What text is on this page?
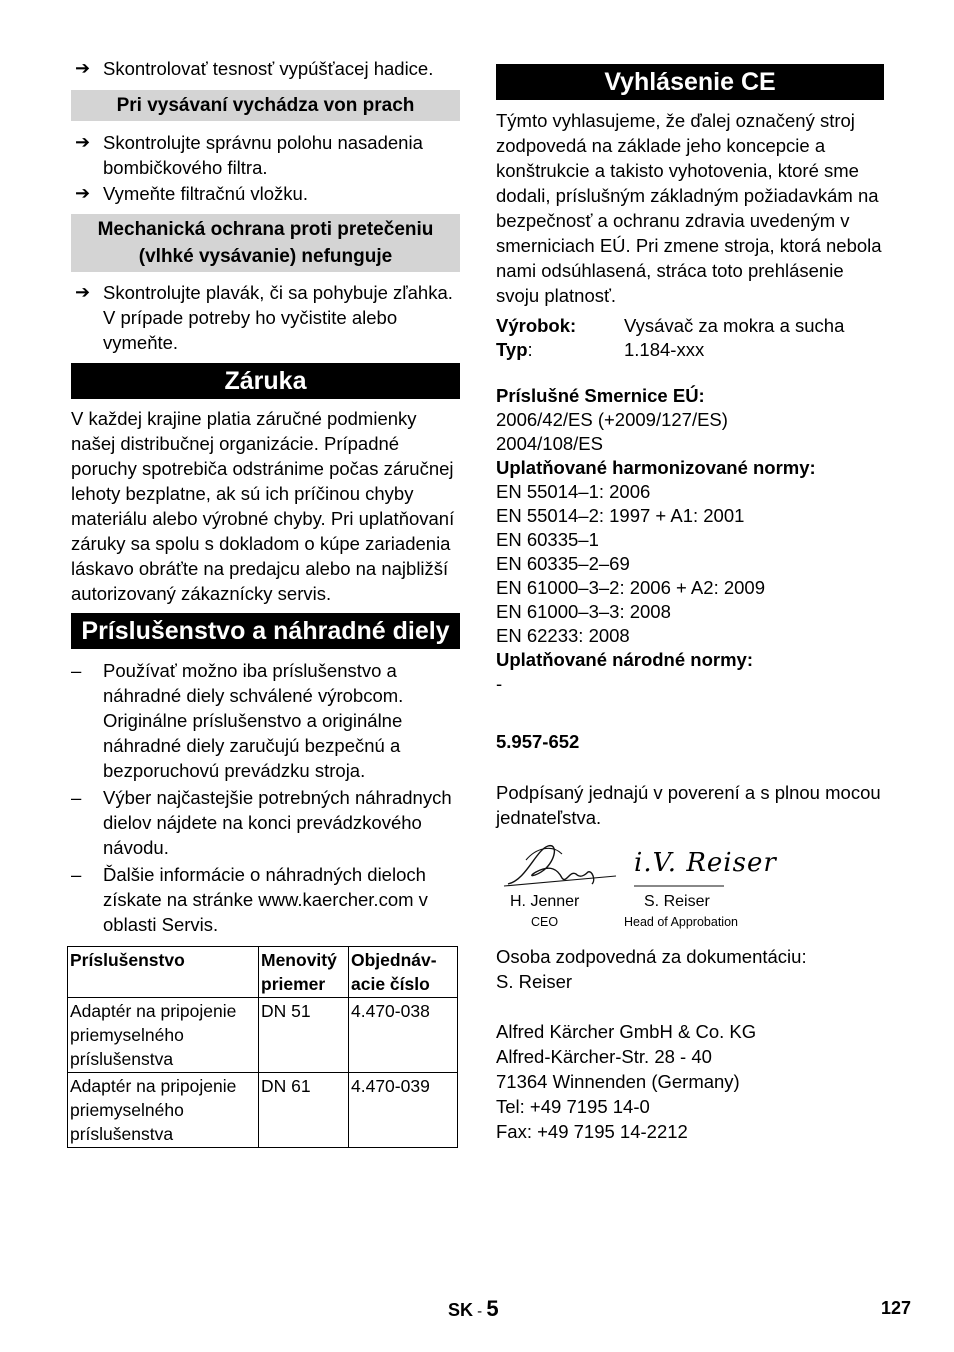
➔ Skontrolovať tesnosť vypúšťacej hadice.
Pri vysávaní vychádza von prach
➔ Skontrolujte správnu polohu nasadenia bombičkového filtra.
➔ Vymeňte filtračnú vložku.
Mechanická ochrana proti pretečeniu (vlhké vysávanie) nefunguje
➔ Skontrolujte plavák, či sa pohybuje zľahka. V prípade potreby ho vyčistite alebo vymeňte.
Záruka

V každej krajine platia záručné podmienky našej distribučnej organizácie. Prípadné poruchy spotrebiča odstránime počas záručnej lehoty bezplatne, ak sú ich príčinou chyby materiálu alebo výrobné chyby. Pri uplatňovaní záruky sa spolu s dokladom o kúpe zariadenia láskavo obráťte na predajcu alebo na najbližší autorizovaný zákaznícky servis.

Príslušenstvo a náhradné diely
– Používať možno iba príslušenstvo a náhradné diely schválené výrobcom. Originálne príslušenstvo a originálne náhradné diely zaručujú bezpečnú a bezporuchovú prevádzku stroja.
– Výber najčastejšie potrebných náhradnych dielov nájdete na konci prevádzkového návodu.
– Ďalšie informácie o náhradných dieloch získate na stránke www.kaercher.com v oblasti Servis.
Príslušenstvo	Menovitý priemer	Objednáv-acie číslo
Adaptér na pripojenie priemyselného príslušenstva	DN 51	4.470-038
Adaptér na pripojenie priemyselného príslušenstva	DN 61	4.470-039
Vyhlásenie CE

Týmto vyhlasujeme, že ďalej označený stroj zodpovedá na základe jeho koncepcie a konštrukcie a takisto vyhotovenia, ktoré sme dodali, príslušným základným požiadavkám na bezpečnosť a ochranu zdravia uvedeným v smerniciach EÚ. Pri zmene stroja, ktorá nebola nami odsúhlasená, stráca toto prehlásenie svoju platnosť.

Výrobok:	Vysávač za mokra a sucha
Typ:	1.184-xxx

Príslušné Smernice EÚ:

2006/42/ES (+2009/127/ES)

2004/108/ES

Uplatňované harmonizované normy:

EN 55014–1: 2006

EN 55014–2: 1997 + A1: 2001

EN 60335–1

EN 60335–2–69

EN 61000–3–2: 2006 + A2: 2009

EN 61000–3–3: 2008

EN 62233: 2008

Uplatňované národné normy:

-

5.957-652

Podpísaný jednajú v poverení a s plnou mocou jednateľstva.

i.V. Reiser
H. Jenner
CEO
S. Reiser
Head of Approbation

Osoba zodpovedná za dokumentáciu:

S. Reiser

Alfred Kärcher GmbH & Co. KG

Alfred-Kärcher-Str. 28 - 40

71364 Winnenden (Germany)

Tel: +49 7195 14-0

Fax: +49 7195 14-2212

SK - 5	127
